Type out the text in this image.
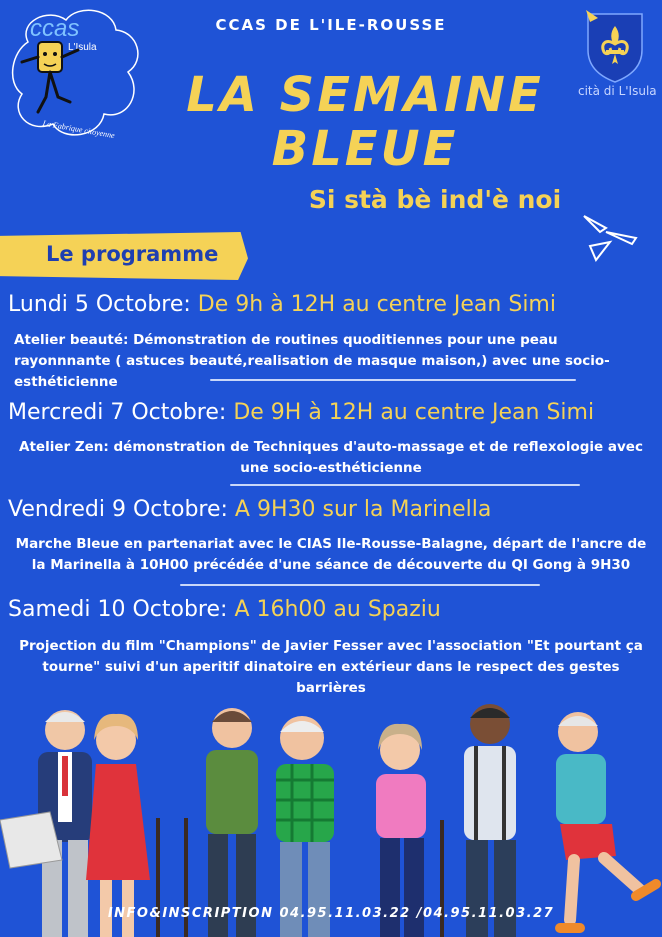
CCAS DE L'ILE-ROUSSE
ccas
L'Isula
La Fabrique citoyenne
cità di L'Isula
LA SEMAINE
BLEUE
Si stà bè ind'è noi
Le programme
Lundi 5 Octobre: De 9h à 12H au centre Jean Simi
Atelier beauté: Démonstration de routines quoditiennes pour une peau rayonnnante ( astuces beauté,realisation de masque maison,) avec une socio-esthéticienne
Mercredi 7 Octobre: De 9H à 12H au centre Jean Simi
Atelier Zen: démonstration de Techniques d'auto-massage et de reflexologie avec une socio-esthéticienne
Vendredi 9 Octobre: A 9H30 sur la Marinella
Marche Bleue en partenariat avec le CIAS Ile-Rousse-Balagne, départ de l'ancre de la Marinella à 10H00 précédée d'une séance de découverte du QI Gong à 9H30
Samedi 10 Octobre: A 16h00 au Spaziu
Projection du film "Champions" de Javier Fesser avec l'association "Et pourtant ça tourne" suivi d'un aperitif dinatoire en extérieur dans le respect des gestes barrières
INFO&INSCRIPTION 04.95.11.03.22 /04.95.11.03.27
